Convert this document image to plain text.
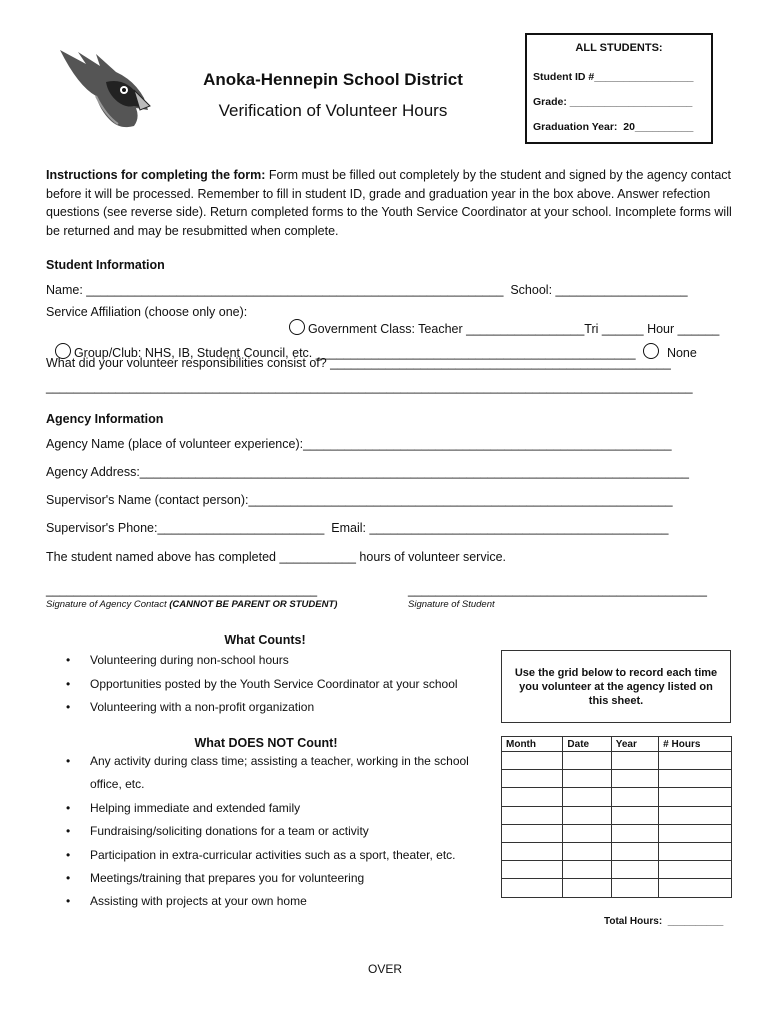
Anoka-Hennepin School District
Verification of Volunteer Hours
ALL STUDENTS:
Student ID #_________________
Grade: _____________________
Graduation Year:  20__________
Instructions for completing the form: Form must be filled out completely by the student and signed by the agency contact before it will be processed. Remember to fill in student ID, grade and graduation year in the box above. Answer refection questions (see reverse side). Return completed forms to the Youth Service Coordinator at your school. Incomplete forms will be returned and may be resubmitted when complete.
Student Information
Name: ____________________________________________________________  School: ___________________
Service Affiliation (choose only one):

Government Class: Teacher _________________Tri ______ Hour ______

Group/Club: NHS, IB, Student Council, etc. ______________________________________________	None

What did your volunteer responsibilities consist of? _________________________________________________
_____________________________________________________________________________________________
Agency Information
Agency Name (place of volunteer experience):_____________________________________________________
Agency Address:_______________________________________________________________________________
Supervisor's Name (contact person):_____________________________________________________________
Supervisor's Phone:________________________  Email: ___________________________________________
The student named above has completed ___________ hours of volunteer service.
_______________________________________	___________________________________________
Signature of Agency Contact (CANNOT BE PARENT OR STUDENT)	Signature of Student
What Counts!
• Volunteering during non-school hours
• Opportunities posted by the Youth Service Coordinator at your school
• Volunteering with a non-profit organization
What DOES NOT Count!
• Any activity during class time; assisting a teacher, working in the school office, etc.
• Helping immediate and extended family
• Fundraising/soliciting donations for a team or activity
• Participation in extra-curricular activities such as a sport, theater, etc.
• Meetings/training that prepares you for volunteering
• Assisting with projects at your own home
Use the grid below to record each time you volunteer at the agency listed on this sheet.
Month	Date	Year	# Hours

Total Hours:  __________
OVER
